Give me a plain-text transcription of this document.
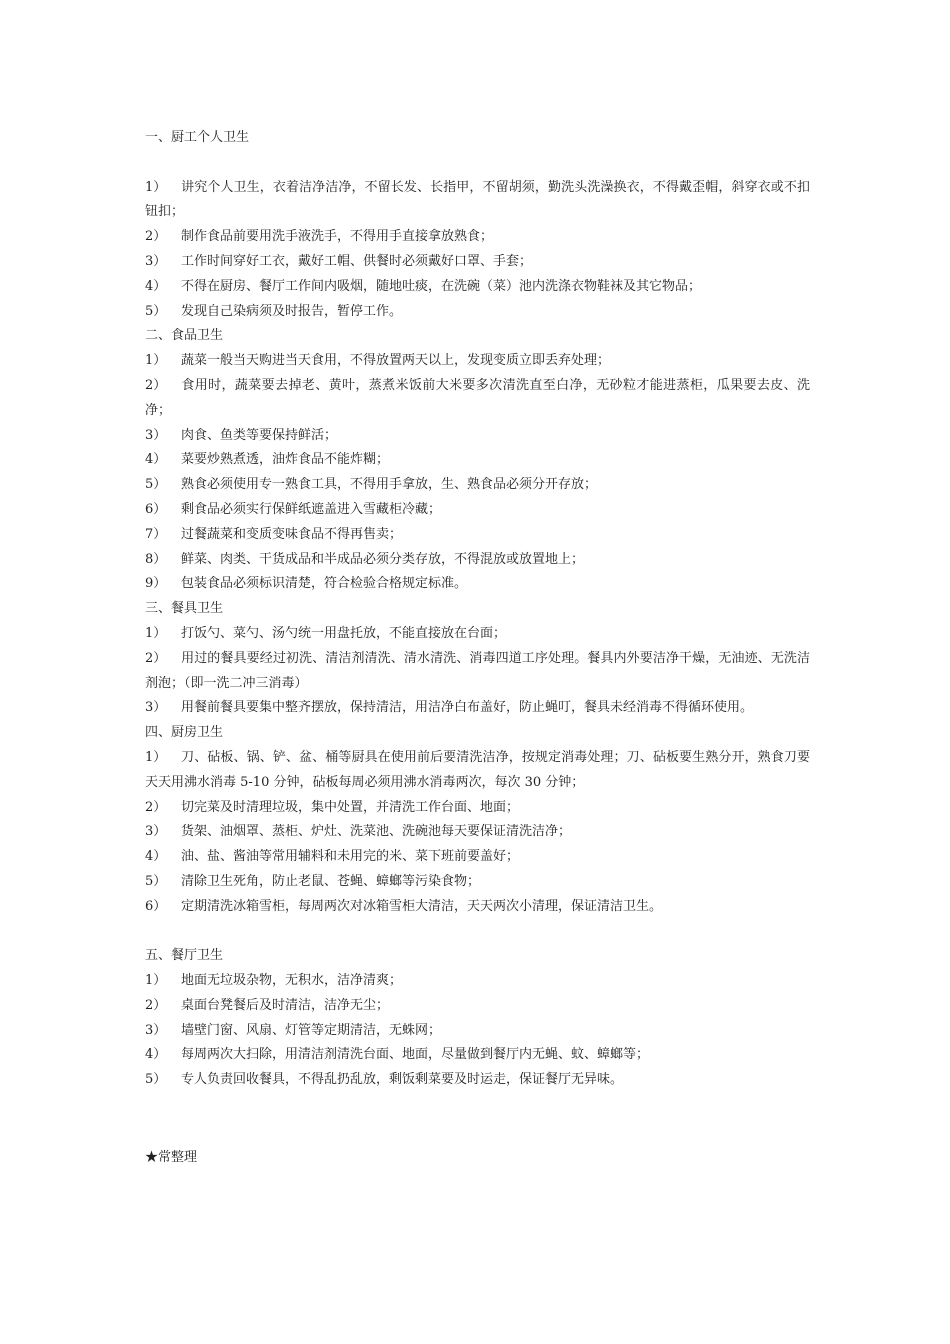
一、厨工个人卫生

1） 讲究个人卫生，衣着洁净洁净，不留长发、长指甲，不留胡须，勤洗头洗澡换衣，不得戴歪帽，斜穿衣或不扣钮扣；

2） 制作食品前要用洗手液洗手，不得用手直接拿放熟食；

3） 工作时间穿好工衣，戴好工帽、供餐时必须戴好口罩、手套；

4） 不得在厨房、餐厅工作间内吸烟，随地吐痰，在洗碗（菜）池内洗涤衣物鞋袜及其它物品；

5） 发现自己染病须及时报告，暂停工作。

二、食品卫生

1） 蔬菜一般当天购进当天食用，不得放置两天以上，发现变质立即丢弃处理；

2） 食用时，蔬菜要去掉老、黄叶，蒸煮米饭前大米要多次清洗直至白净，无砂粒才能进蒸柜，瓜果要去皮、洗净；

3） 肉食、鱼类等要保持鲜活；

4） 菜要炒熟煮透，油炸食品不能炸糊；

5） 熟食必须使用专一熟食工具，不得用手拿放，生、熟食品必须分开存放；

6） 剩食品必须实行保鲜纸遮盖进入雪藏柜冷藏；

7） 过餐蔬菜和变质变味食品不得再售卖；

8） 鲜菜、肉类、干货成品和半成品必须分类存放，不得混放或放置地上；

9） 包装食品必须标识清楚，符合检验合格规定标准。

三、餐具卫生

1） 打饭勺、菜勺、汤勺统一用盘托放，不能直接放在台面；

2） 用过的餐具要经过初洗、清洁剂清洗、清水清洗、消毒四道工序处理。餐具内外要洁净干燥，无油迹、无洗洁剂泡；（即一洗二冲三消毒）

3） 用餐前餐具要集中整齐摆放，保持清洁，用洁净白布盖好，防止蝇叮，餐具未经消毒不得循环使用。

四、厨房卫生

1） 刀、砧板、锅、铲、盆、桶等厨具在使用前后要清洗洁净，按规定消毒处理；刀、砧板要生熟分开，熟食刀要天天用沸水消毒 5-10 分钟，砧板每周必须用沸水消毒两次，每次 30 分钟；

2） 切完菜及时清理垃圾，集中处置，并清洗工作台面、地面；

3） 货架、油烟罩、蒸柜、炉灶、洗菜池、洗碗池每天要保证清洗洁净；

4） 油、盐、酱油等常用辅料和未用完的米、菜下班前要盖好；

5） 清除卫生死角，防止老鼠、苍蝇、蟑螂等污染食物；

6） 定期清洗冰箱雪柜，每周两次对冰箱雪柜大清洁，天天两次小清理，保证清洁卫生。

五、餐厅卫生

1） 地面无垃圾杂物，无积水，洁净清爽；

2） 桌面台凳餐后及时清洁，洁净无尘；

3） 墙壁门窗、风扇、灯管等定期清洁，无蛛网；

4） 每周两次大扫除，用清洁剂清洗台面、地面，尽量做到餐厅内无蝇、蚊、蟑螂等；

5） 专人负责回收餐具，不得乱扔乱放，剩饭剩菜要及时运走，保证餐厅无异味。

★常整理
